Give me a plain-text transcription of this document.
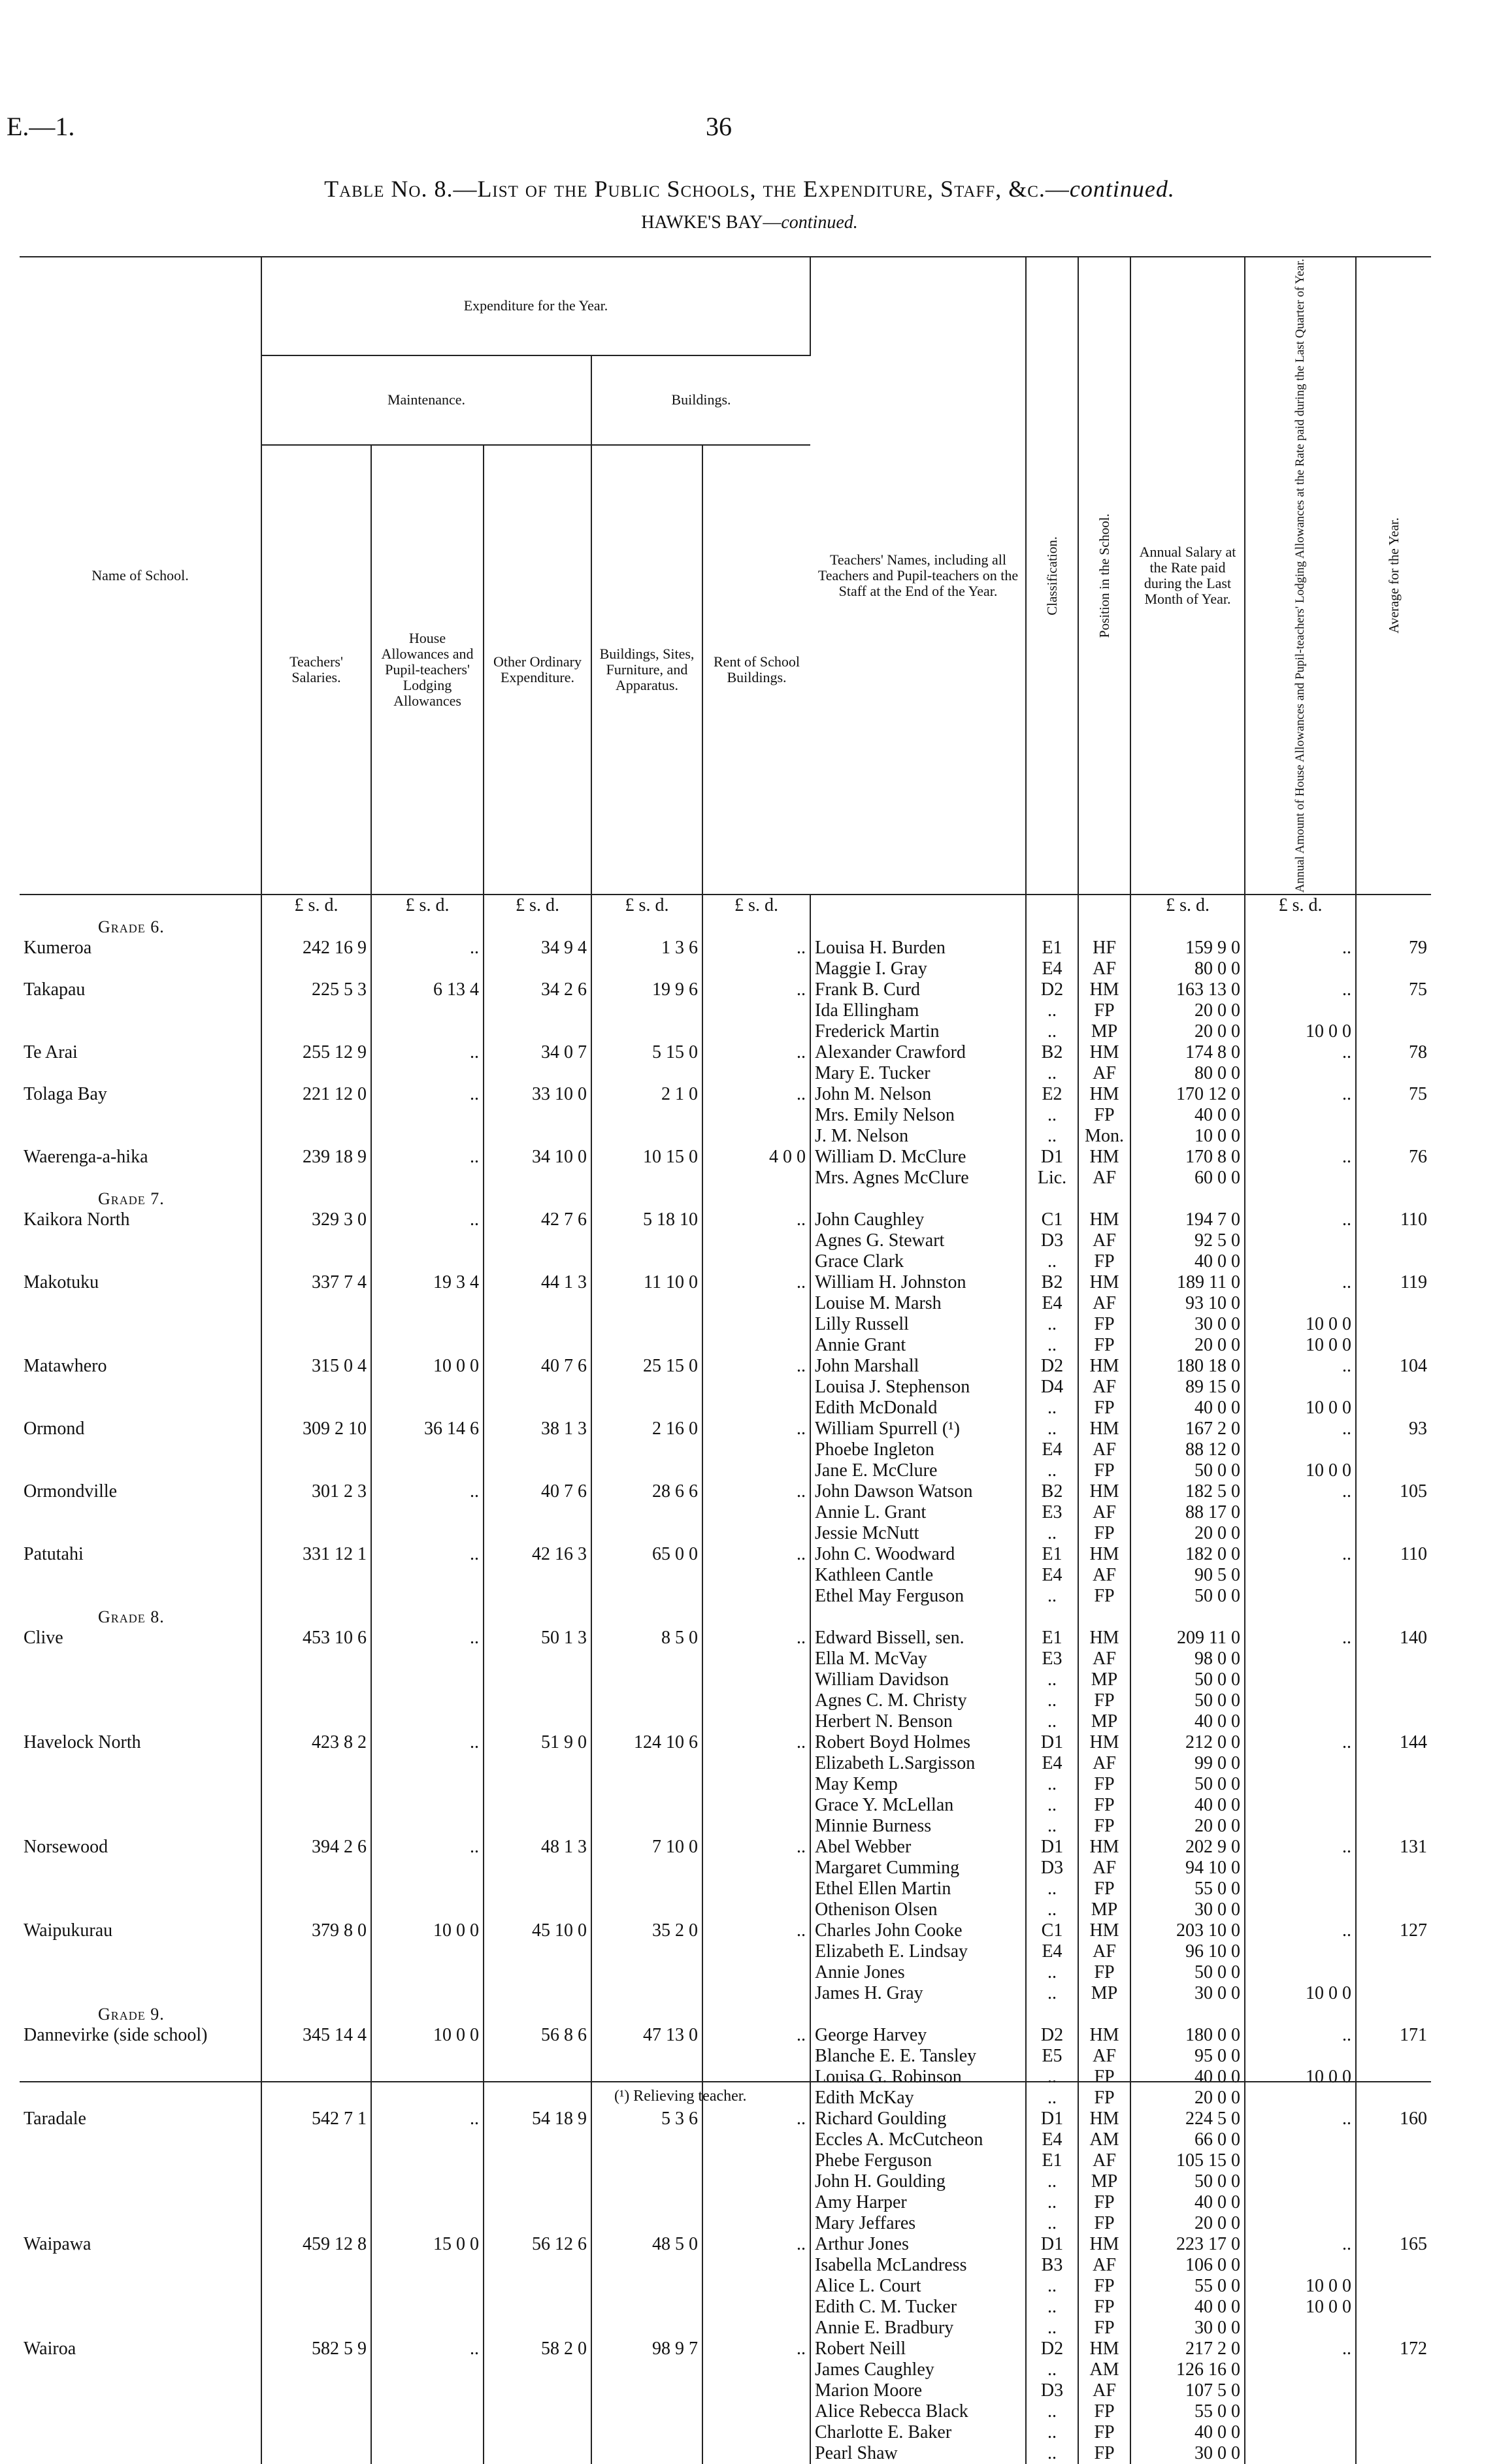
E.—1.	36
Table No. 8.—List of the Public Schools, the Expenditure, Staff, &c.—continued.
HAWKE'S BAY—continued.
Name of School.	Expenditure for the Year.					Teachers' Names, including all Teachers and Pupil-teachers on the Staff at the End of the Year.	Classification.	Position in the School.	Annual Salary at the Rate paid during the Last Month of Year.	Annual Amount of House Allowances and Pupil-teachers' Lodging Allowances at the Rate paid during the Last Quarter of Year.	Average for the Year.

	Maintenance.			Buildings.							
	Teachers' Salaries.	House Allowances and Pupil-teachers' Lodging Allowances	Other Ordinary Expenditure.	Buildings, Sites, Furniture, and Apparatus.	Rent of School Buildings.						
	£ s. d.	£ s. d.	£ s. d.	£ s. d.	£ s. d.				£ s. d.	£ s. d.	
Grade 6.											
Kumeroa	242 16 9	..	34 9 4	1 3 6	..	Louisa H. Burden	E1	HF	159 9 0	..	79
						Maggie I. Gray	E4	AF	80 0 0		
Takapau	225 5 3	6 13 4	34 2 6	19 9 6	..	Frank B. Curd	D2	HM	163 13 0	..	75
						Ida Ellingham	..	FP	20 0 0		
						Frederick Martin	..	MP	20 0 0	10 0 0	
Te Arai	255 12 9	..	34 0 7	5 15 0	..	Alexander Crawford	B2	HM	174 8 0	..	78
						Mary E. Tucker	..	AF	80 0 0		
Tolaga Bay	221 12 0	..	33 10 0	2 1 0	..	John M. Nelson	E2	HM	170 12 0	..	75
						Mrs. Emily Nelson	..	FP	40 0 0		
						J. M. Nelson	..	Mon.	10 0 0		
Waerenga-a-hika	239 18 9	..	34 10 0	10 15 0	4 0 0	William D. McClure	D1	HM	170 8 0	..	76
						Mrs. Agnes McClure	Lic.	AF	60 0 0		
Grade 7.											
Kaikora North	329 3 0	..	42 7 6	5 18 10	..	John Caughley	C1	HM	194 7 0	..	110
						Agnes G. Stewart	D3	AF	92 5 0		
						Grace Clark	..	FP	40 0 0		
Makotuku	337 7 4	19 3 4	44 1 3	11 10 0	..	William H. Johnston	B2	HM	189 11 0	..	119
						Louise M. Marsh	E4	AF	93 10 0		
						Lilly Russell	..	FP	30 0 0	10 0 0	
						Annie Grant	..	FP	20 0 0	10 0 0	
Matawhero	315 0 4	10 0 0	40 7 6	25 15 0	..	John Marshall	D2	HM	180 18 0	..	104
						Louisa J. Stephenson	D4	AF	89 15 0		
						Edith McDonald	..	FP	40 0 0	10 0 0	
Ormond	309 2 10	36 14 6	38 1 3	2 16 0	..	William Spurrell (¹)	..	HM	167 2 0	..	93
						Phoebe Ingleton	E4	AF	88 12 0		
						Jane E. McClure	..	FP	50 0 0	10 0 0	
Ormondville	301 2 3	..	40 7 6	28 6 6	..	John Dawson Watson	B2	HM	182 5 0	..	105
						Annie L. Grant	E3	AF	88 17 0		
						Jessie McNutt	..	FP	20 0 0		
Patutahi	331 12 1	..	42 16 3	65 0 0	..	John C. Woodward	E1	HM	182 0 0	..	110
						Kathleen Cantle	E4	AF	90 5 0		
						Ethel May Ferguson	..	FP	50 0 0		
Grade 8.											
Clive	453 10 6	..	50 1 3	8 5 0	..	Edward Bissell, sen.	E1	HM	209 11 0	..	140
						Ella M. McVay	E3	AF	98 0 0		
						William Davidson	..	MP	50 0 0		
						Agnes C. M. Christy	..	FP	50 0 0		
						Herbert N. Benson	..	MP	40 0 0		
Havelock North	423 8 2	..	51 9 0	124 10 6	..	Robert Boyd Holmes	D1	HM	212 0 0	..	144
						Elizabeth L.Sargisson	E4	AF	99 0 0		
						May Kemp	..	FP	50 0 0		
						Grace Y. McLellan	..	FP	40 0 0		
						Minnie Burness	..	FP	20 0 0		
Norsewood	394 2 6	..	48 1 3	7 10 0	..	Abel Webber	D1	HM	202 9 0	..	131
						Margaret Cumming	D3	AF	94 10 0		
						Ethel Ellen Martin	..	FP	55 0 0		
						Othenison Olsen	..	MP	30 0 0		
Waipukurau	379 8 0	10 0 0	45 10 0	35 2 0	..	Charles John Cooke	C1	HM	203 10 0	..	127
						Elizabeth E. Lindsay	E4	AF	96 10 0		
						Annie Jones	..	FP	50 0 0		
						James H. Gray	..	MP	30 0 0	10 0 0	
Grade 9.											
Dannevirke (side school)	345 14 4	10 0 0	56 8 6	47 13 0	..	George Harvey	D2	HM	180 0 0	..	171
						Blanche E. E. Tansley	E5	AF	95 0 0		
						Louisa G. Robinson	..	FP	40 0 0	10 0 0	
						Edith McKay	..	FP	20 0 0		
Taradale	542 7 1	..	54 18 9	5 3 6	..	Richard Goulding	D1	HM	224 5 0	..	160
						Eccles A. McCutcheon	E4	AM	66 0 0		
						Phebe Ferguson	E1	AF	105 15 0		
						John H. Goulding	..	MP	50 0 0		
						Amy Harper	..	FP	40 0 0		
						Mary Jeffares	..	FP	20 0 0		
Waipawa	459 12 8	15 0 0	56 12 6	48 5 0	..	Arthur Jones	D1	HM	223 17 0	..	165
						Isabella McLandress	B3	AF	106 0 0		
						Alice L. Court	..	FP	55 0 0	10 0 0	
						Edith C. M. Tucker	..	FP	40 0 0	10 0 0	
						Annie E. Bradbury	..	FP	30 0 0		
Wairoa	582 5 9	..	58 2 0	98 9 7	..	Robert Neill	D2	HM	217 2 0	..	172
						James Caughley	..	AM	126 16 0		
						Marion Moore	D3	AF	107 5 0		
						Alice Rebecca Black	..	FP	55 0 0		
						Charlotte E. Baker	..	FP	40 0 0		
						Pearl Shaw	..	FP	30 0 0		
(¹) Relieving teacher.
